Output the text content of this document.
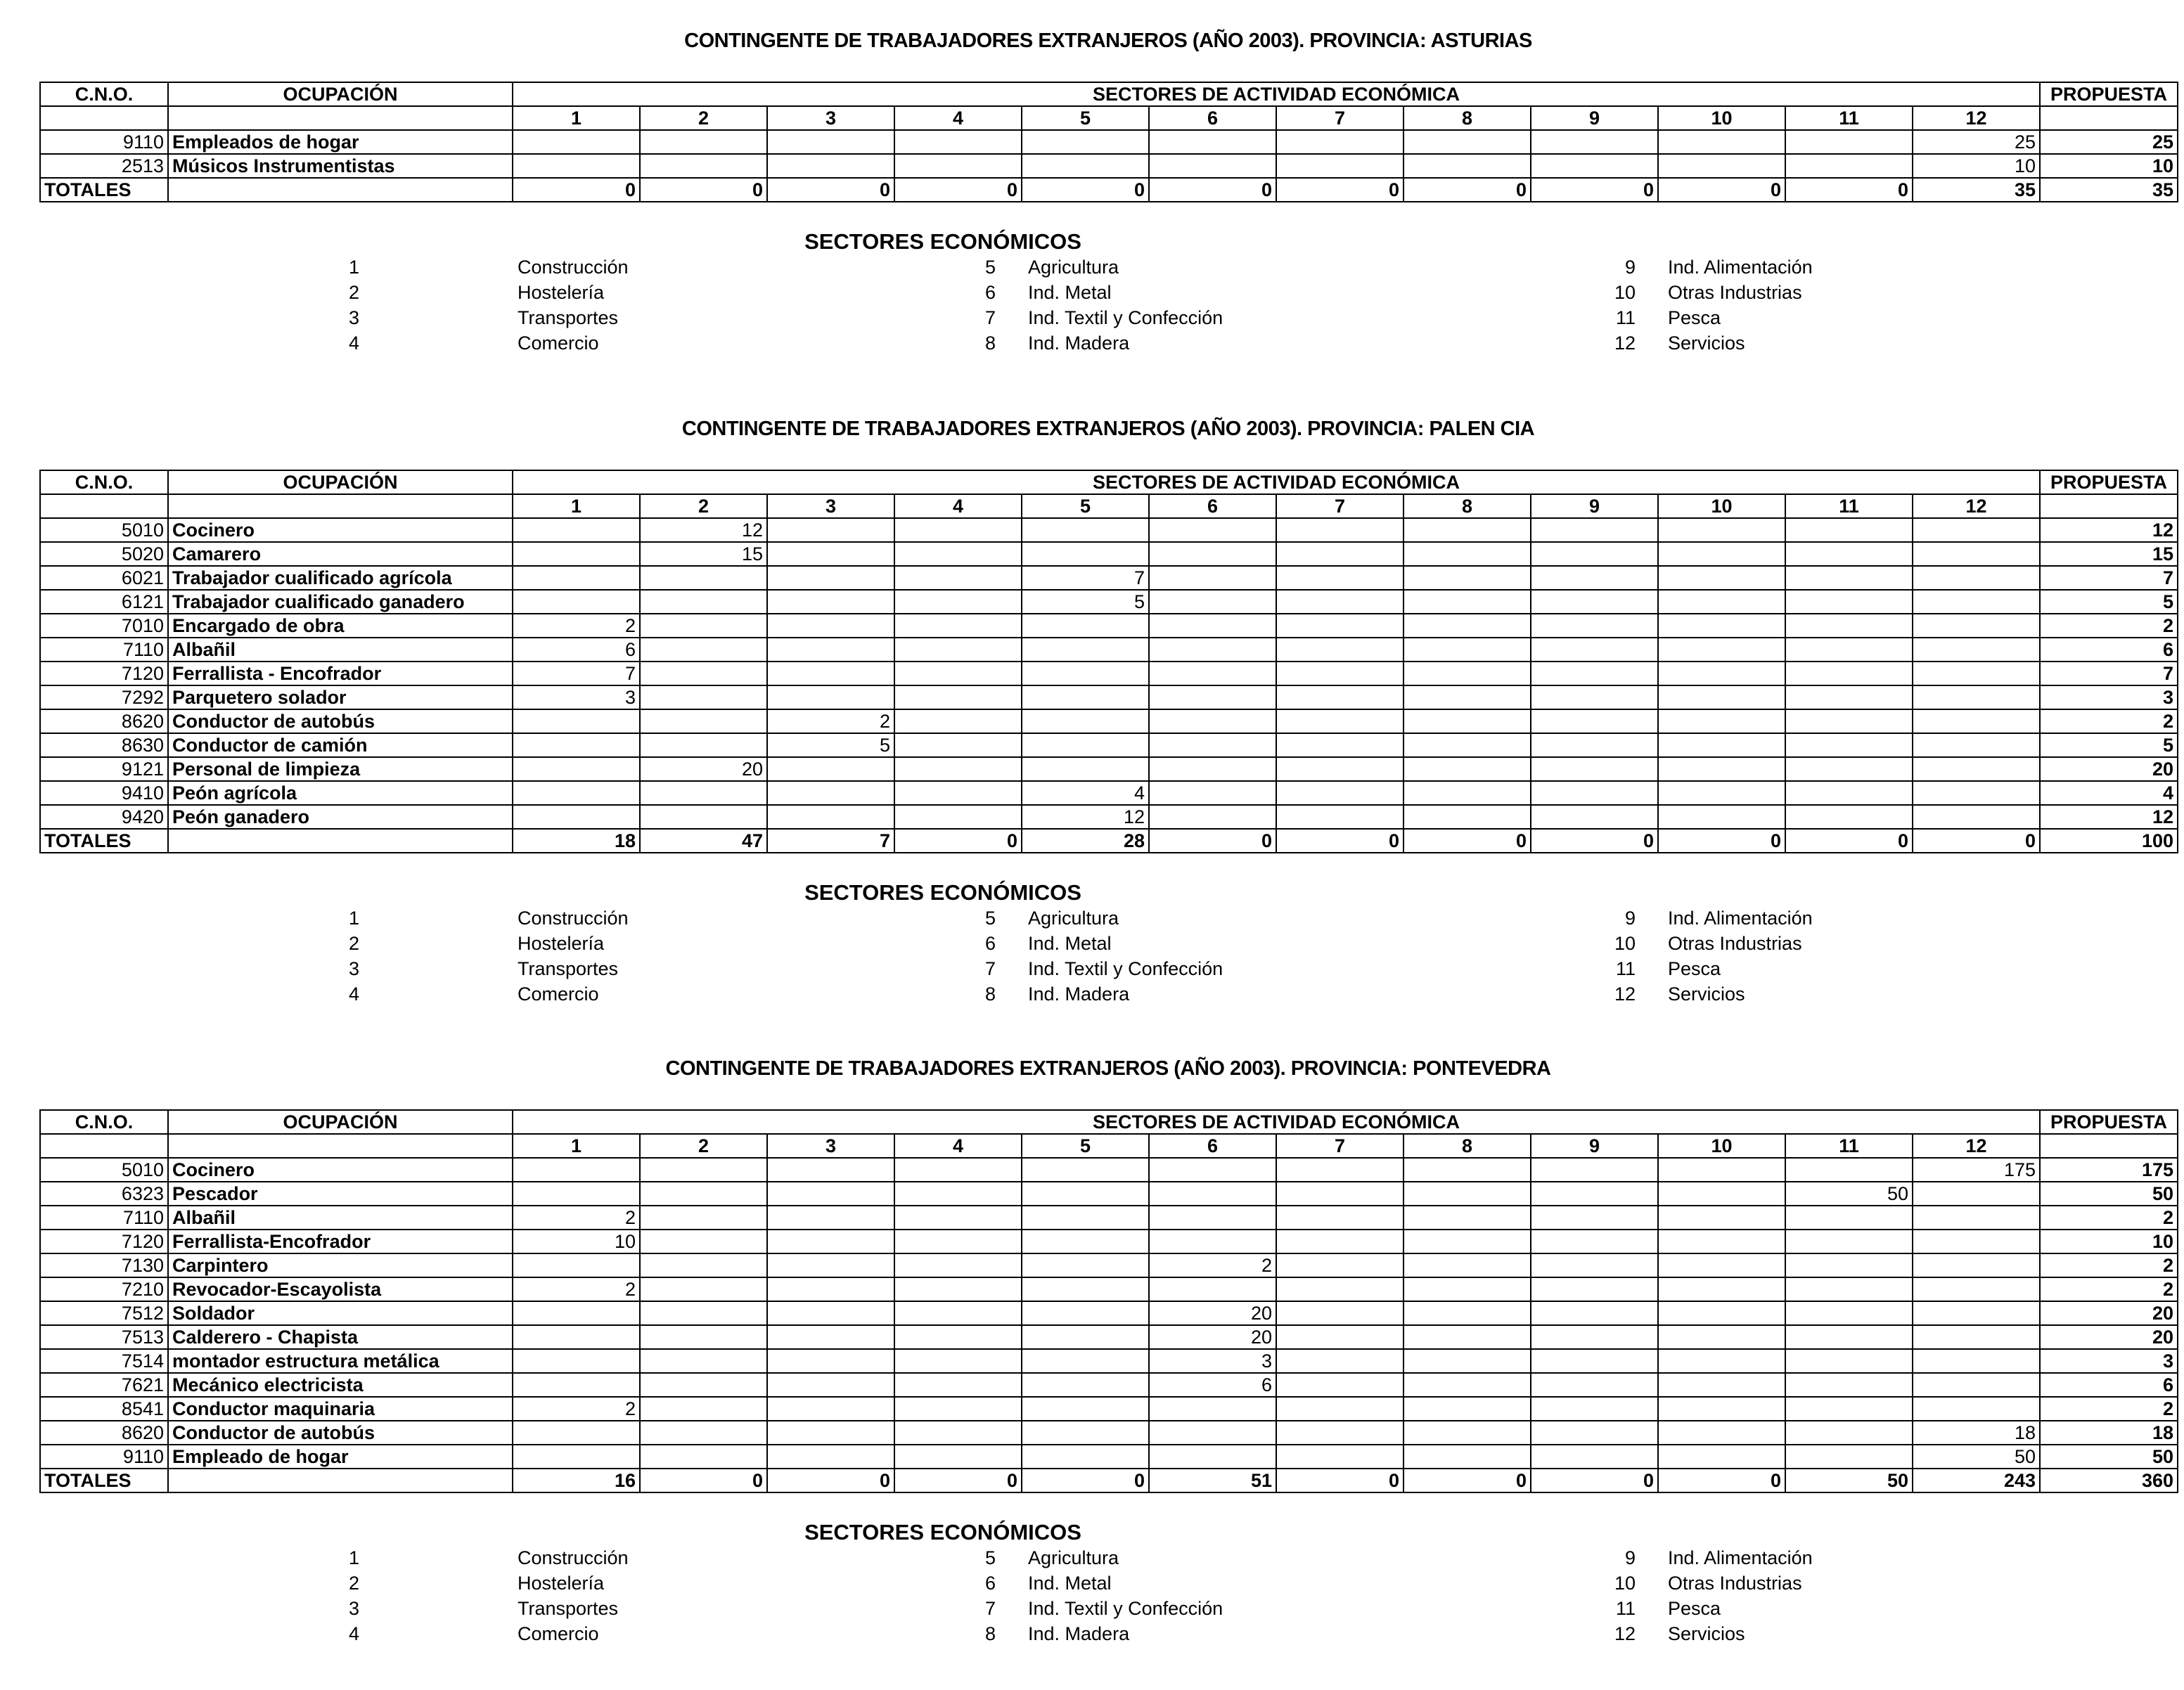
CONTINGENTE DE TRABAJADORES EXTRANJEROS (AÑO 2003). PROVINCIA: ASTURIAS
C.N.O.	OCUPACIÓN	SECTORES DE ACTIVIDAD ECONÓMICA												PROPUESTA
		1	2	3	4	5	6	7	8	9	10	11	12	
9110	Empleados de hogar												25	25
2513	Músicos Instrumentistas												10	10
TOTALES		0	0	0	0	0	0	0	0	0	0	0	35	35
SECTORES ECONÓMICOS
1	Construcción
2	Hostelería
3	Transportes
4	Comercio
5 Agricultura
6 Ind. Metal
7 Ind. Textil y Confección
8 Ind. Madera
9 Ind. Alimentación
10 Otras Industrias
11 Pesca
12 Servicios
CONTINGENTE DE TRABAJADORES EXTRANJEROS (AÑO 2003). PROVINCIA: PALEN CIA
C.N.O.	OCUPACIÓN	SECTORES DE ACTIVIDAD ECONÓMICA												PROPUESTA
		1	2	3	4	5	6	7	8	9	10	11	12	
5010	Cocinero		12											12
5020	Camarero		15											15
6021	Trabajador cualificado agrícola					7								7
6121	Trabajador cualificado ganadero					5								5
7010	Encargado de obra	2												2
7110	Albañil	6												6
7120	Ferrallista - Encofrador	7												7
7292	Parquetero solador	3												3
8620	Conductor de autobús			2										2
8630	Conductor de camión			5										5
9121	Personal de limpieza		20											20
9410	Peón agrícola					4								4
9420	Peón ganadero					12								12
TOTALES		18	47	7	0	28	0	0	0	0	0	0	0	100
SECTORES ECONÓMICOS
1	Construcción
2	Hostelería
3	Transportes
4	Comercio
5 Agricultura
6 Ind. Metal
7 Ind. Textil y Confección
8 Ind. Madera
9 Ind. Alimentación
10 Otras Industrias
11 Pesca
12 Servicios
CONTINGENTE DE TRABAJADORES EXTRANJEROS (AÑO 2003). PROVINCIA: PONTEVEDRA
C.N.O.	OCUPACIÓN	SECTORES DE ACTIVIDAD ECONÓMICA												PROPUESTA
		1	2	3	4	5	6	7	8	9	10	11	12	
5010	Cocinero												175	175
6323	Pescador											50		50
7110	Albañil	2												2
7120	Ferrallista-Encofrador	10												10
7130	Carpintero						2							2
7210	Revocador-Escayolista	2												2
7512	Soldador						20							20
7513	Calderero - Chapista						20							20
7514	montador estructura metálica						3							3
7621	Mecánico electricista						6							6
8541	Conductor maquinaria	2												2
8620	Conductor de autobús												18	18
9110	Empleado de hogar												50	50
TOTALES		16	0	0	0	0	51	0	0	0	0	50	243	360
SECTORES ECONÓMICOS
1	Construcción
2	Hostelería
3	Transportes
4	Comercio
5 Agricultura
6 Ind. Metal
7 Ind. Textil y Confección
8 Ind. Madera
9 Ind. Alimentación
10 Otras Industrias
11 Pesca
12 Servicios
